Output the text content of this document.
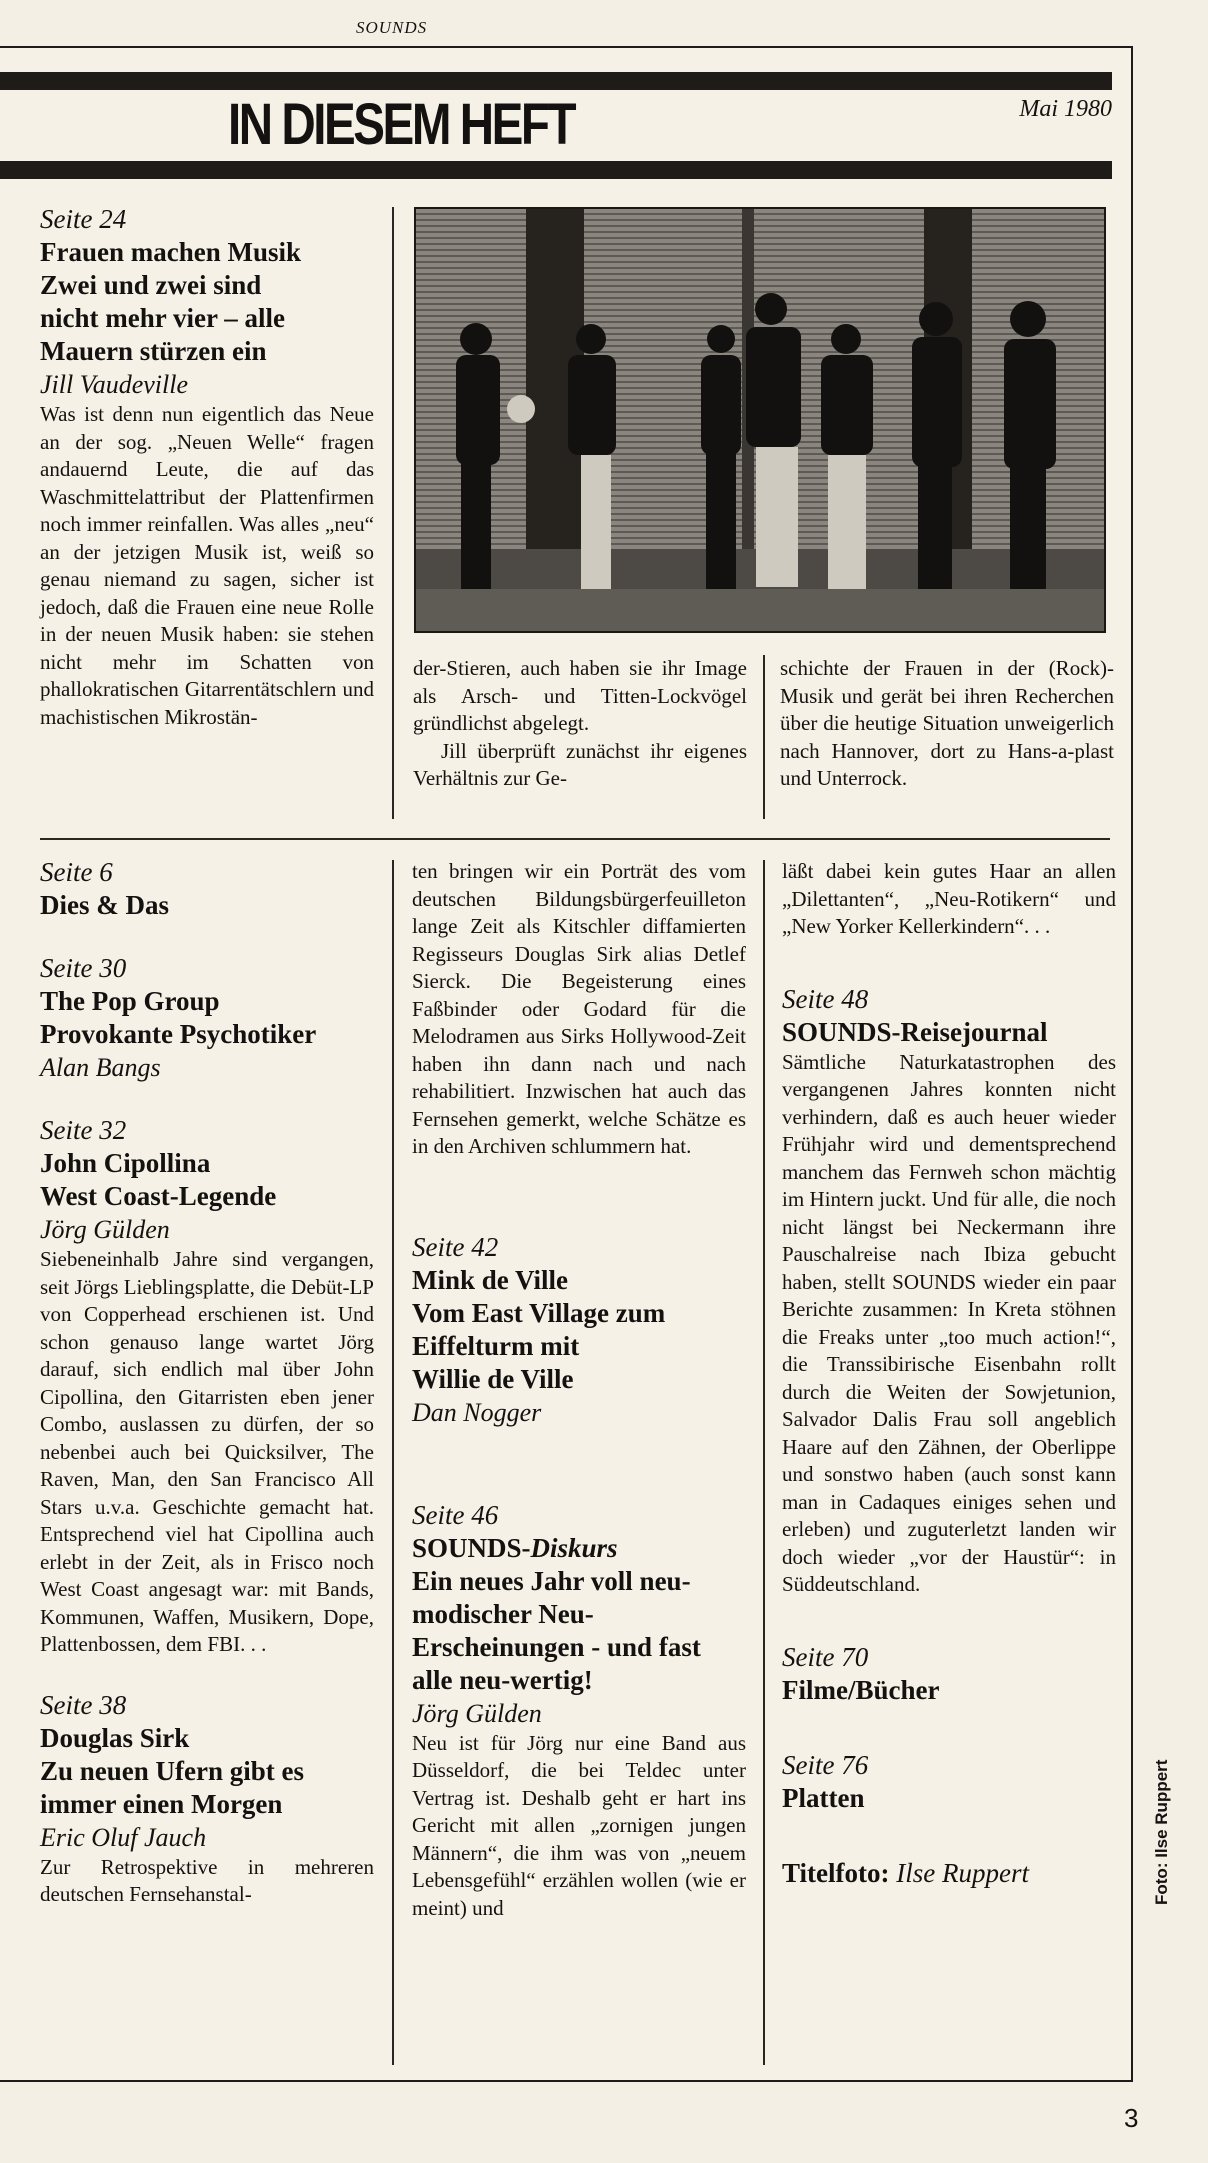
SOUNDS
IN DIESEM HEFT	Mai 1980

Seite 24

Frauen machen Musik

Zwei und zwei sind

nicht mehr vier – alle

Mauern stürzen ein

Jill Vaudeville

Was ist denn nun eigentlich das Neue an der sog. „Neuen Welle“ fragen andauernd Leute, die auf das Waschmittelattribut der Plattenfirmen noch immer reinfallen. Was alles „neu“ an der jetzigen Musik ist, weiß so genau niemand zu sagen, sicher ist jedoch, daß die Frauen eine neue Rolle in der neuen Musik haben: sie stehen nicht mehr im Schatten von phallokratischen Gitarrentätschlern und machistischen Mikrostän-

der-Stieren, auch haben sie ihr Image als Arsch- und Titten-Lockvögel gründlichst abgelegt.

Jill überprüft zunächst ihr eigenes Verhältnis zur Ge-

schichte der Frauen in der (Rock)-Musik und gerät bei ihren Recherchen über die heutige Situation unweigerlich nach Hannover, dort zu Hans-a-plast und Unterrock.

Seite 6

Dies & Das

Seite 30

The Pop Group

Provokante Psychotiker

Alan Bangs

Seite 32

John Cipollina

West Coast-Legende

Jörg Gülden

Siebeneinhalb Jahre sind vergangen, seit Jörgs Lieblingsplatte, die Debüt-LP von Copperhead erschienen ist. Und schon genauso lange wartet Jörg darauf, sich endlich mal über John Cipollina, den Gitarristen eben jener Combo, auslassen zu dürfen, der so nebenbei auch bei Quicksilver, The Raven, Man, den San Francisco All Stars u.v.a. Geschichte gemacht hat. Entsprechend viel hat Cipollina auch erlebt in der Zeit, als in Frisco noch West Coast angesagt war: mit Bands, Kommunen, Waffen, Musikern, Dope, Plattenbossen, dem FBI. . .

Seite 38

Douglas Sirk

Zu neuen Ufern gibt es

immer einen Morgen

Eric Oluf Jauch

Zur Retrospektive in mehreren deutschen Fernsehanstal-

ten bringen wir ein Porträt des vom deutschen Bildungsbürgerfeuilleton lange Zeit als Kitschler diffamierten Regisseurs Douglas Sirk alias Detlef Sierck. Die Begeisterung eines Faßbinder oder Godard für die Melodramen aus Sirks Hollywood-Zeit haben ihn dann nach und nach rehabilitiert. Inzwischen hat auch das Fernsehen gemerkt, welche Schätze es in den Archiven schlummern hat.

Seite 42

Mink de Ville

Vom East Village zum

Eiffelturm mit

Willie de Ville

Dan Nogger

Seite 46

SOUNDS-Diskurs

Ein neues Jahr voll neu-

modischer Neu-

Erscheinungen - und fast

alle neu-wertig!

Jörg Gülden

Neu ist für Jörg nur eine Band aus Düsseldorf, die bei Teldec unter Vertrag ist. Deshalb geht er hart ins Gericht mit allen „zornigen jungen Männern“, die ihm was von „neuem Lebensgefühl“ erzählen wollen (wie er meint) und

läßt dabei kein gutes Haar an allen „Dilettanten“, „Neu-Rotikern“ und „New Yorker Kellerkindern“. . .

Seite 48

SOUNDS-Reisejournal

Sämtliche Naturkatastrophen des vergangenen Jahres konnten nicht verhindern, daß es auch heuer wieder Frühjahr wird und dementsprechend manchem das Fernweh schon mächtig im Hintern juckt. Und für alle, die noch nicht längst bei Neckermann ihre Pauschalreise nach Ibiza gebucht haben, stellt SOUNDS wieder ein paar Berichte zusammen: In Kreta stöhnen die Freaks unter „too much action!“, die Transsibirische Eisenbahn rollt durch die Weiten der Sowjetunion, Salvador Dalis Frau soll angeblich Haare auf den Zähnen, der Oberlippe und sonstwo haben (auch sonst kann man in Cadaques einiges sehen und erleben) und zuguterletzt landen wir doch wieder „vor der Haustür“: in Süddeutschland.

Seite 70

Filme/Bücher

Seite 76

Platten

Titelfoto: Ilse Ruppert	Foto: Ilse Ruppert
3
